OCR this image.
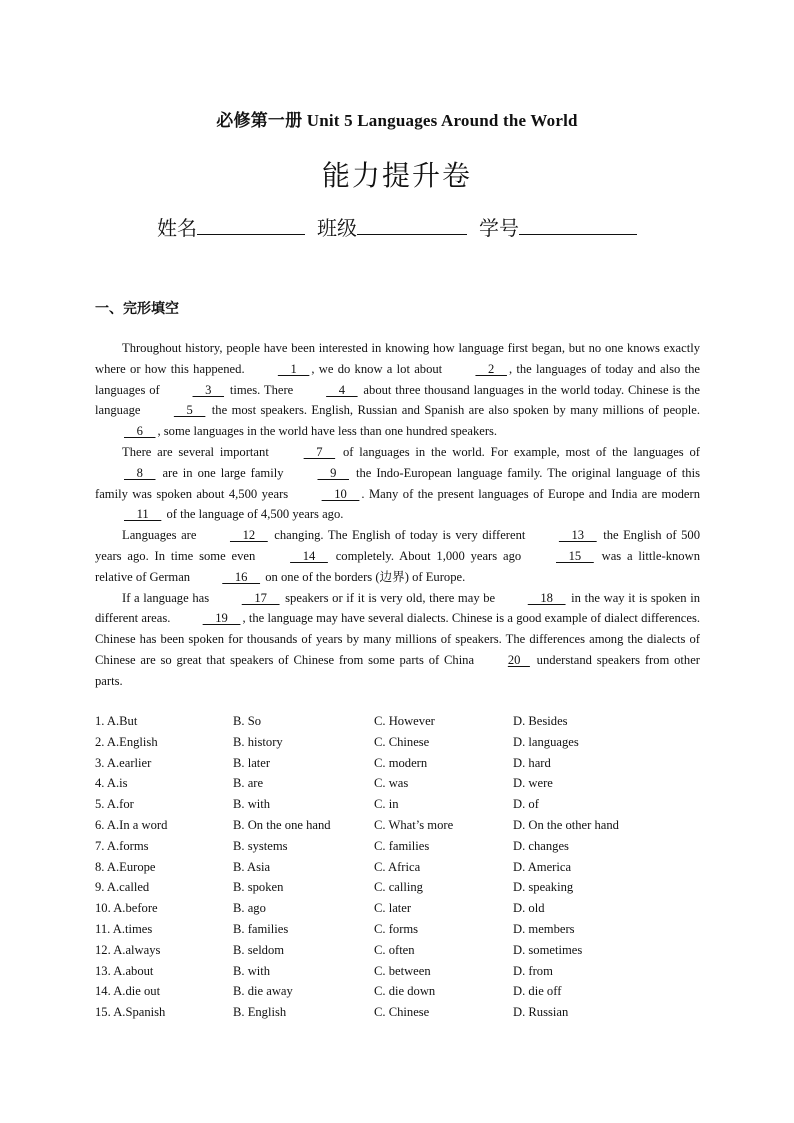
必修第一册 Unit 5 Languages Around the World
能力提升卷
姓名	班级	学号
一、完形填空

Throughout history, people have been interested in knowing how language first began, but no one knows exactly where or how this happened.     1    , we do know a lot about     2    , the languages of today and also the languages of     3     times. There     4     about three thousand languages in the world today. Chinese is the language     5     the most speakers. English, Russian and Spanish are also spoken by many millions of people.     6    , some languages in the world have less than one hundred speakers.

There are several important     7     of languages in the world. For example, most of the languages of     8     are in one large family     9     the Indo-European language family. The original language of this family was spoken about 4,500 years     10    . Many of the present languages of Europe and India are modern     11     of the language of 4,500 years ago.

Languages are     12     changing. The English of today is very different     13     the English of 500 years ago. In time some even     14     completely. About 1,000 years ago     15     was a little-known relative of German     16     on one of the borders (边界) of Europe.

If a language has     17     speakers or if it is very old, there may be     18     in the way it is spoken in different areas.     19    , the language may have several dialects. Chinese is a good example of dialect differences. Chinese has been spoken for thousands of years by many millions of speakers. The differences among the dialects of Chinese are so great that speakers of Chinese from some parts of China 20    understand speakers from other parts.

1. A.But	B. So	C. However	D. Besides
2. A.English	B. history	C. Chinese	D. languages
3. A.earlier	B. later	C. modern	D. hard
4. A.is	B. are	C. was	D. were
5. A.for	B. with	C. in	D. of
6. A.In a word	B. On the one hand	C. What’s more	D. On the other hand
7. A.forms	B. systems	C. families	D. changes
8. A.Europe	B. Asia	C. Africa	D. America
9. A.called	B. spoken	C. calling	D. speaking
10. A.before	B. ago	C. later	D. old
11. A.times	B. families	C. forms	D. members
12. A.always	B. seldom	C. often	D. sometimes
13. A.about	B. with	C. between	D. from
14. A.die out	B. die away	C. die down	D. die off
15. A.Spanish	B. English	C. Chinese	D. Russian
